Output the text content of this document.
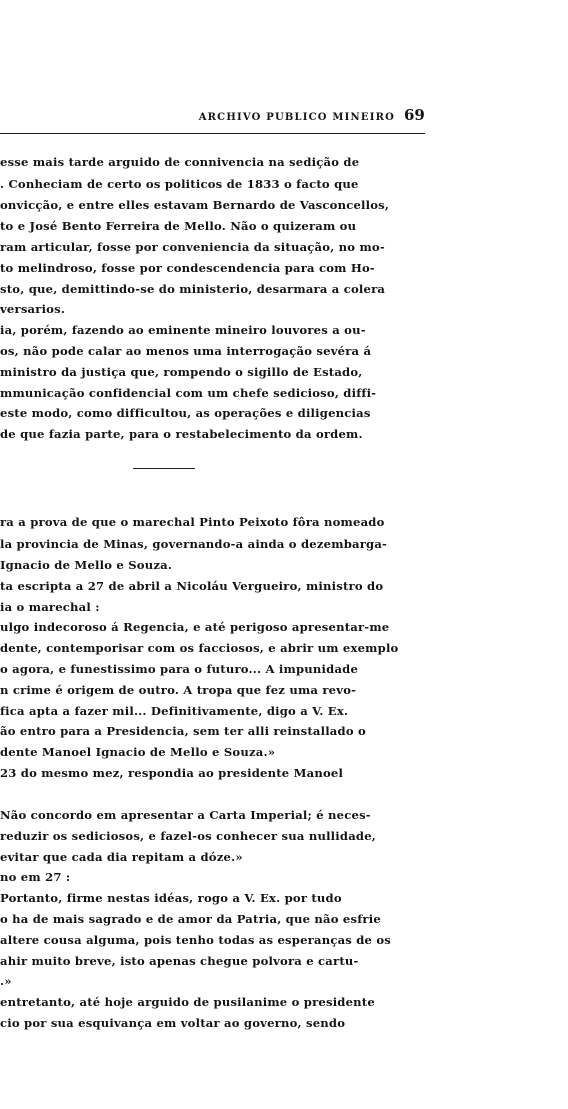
ARCHIVO PUBLICO MINEIRO 69

esse mais tarde arguido de connivencia na sedição de

. Conheciam de certo os politicos de 1833 o facto que

onvicção, e entre elles estavam Bernardo de Vasconcellos,

to e José Bento Ferreira de Mello. Não o quizeram ou

ram articular, fosse por conveniencia da situação, no mo-

to melindroso, fosse por condescendencia para com Ho-

sto, que, demittindo-se do ministerio, desarmara a colera

versarios.

ia, porém, fazendo ao eminente mineiro louvores a ou-

os, não pode calar ao menos uma interrogação sevéra á

ministro da justiça que, rompendo o sigillo de Estado,

mmunicação confidencial com um chefe sedicioso, diffi-

este modo, como difficultou, as operações e diligencias

de que fazia parte, para o restabelecimento da ordem.

ra a prova de que o marechal Pinto Peixoto fôra nomeado

la provincia de Minas, governando-a ainda o dezembarga-

Ignacio de Mello e Souza.

ta escripta a 27 de abril a Nicoláu Vergueiro, ministro do

ia o marechal :

ulgo indecoroso á Regencia, e até perigoso apresentar-me

dente, contemporisar com os facciosos, e abrir um exemplo

o agora, e funestissimo para o futuro... A impunidade

n crime é origem de outro. A tropa que fez uma revo-

fica apta a fazer mil... Definitivamente, digo a V. Ex.

ão entro para a Presidencia, sem ter alli reinstallado o

dente Manoel Ignacio de Mello e Souza.»

23 do mesmo mez, respondia ao presidente Manoel

Não concordo em apresentar a Carta Imperial; é neces-

reduzir os sediciosos, e fazel-os conhecer sua nullidade,

evitar que cada dia repitam a dóze.»

no em 27 :

Portanto, firme nestas idéas, rogo a V. Ex. por tudo

o ha de mais sagrado e de amor da Patria, que não esfrie

altere cousa alguma, pois tenho todas as esperanças de os

ahir muito breve, isto apenas chegue polvora e cartu-

.»

entretanto, até hoje arguido de pusilanime o presidente

cio por sua esquivança em voltar ao governo, sendo
